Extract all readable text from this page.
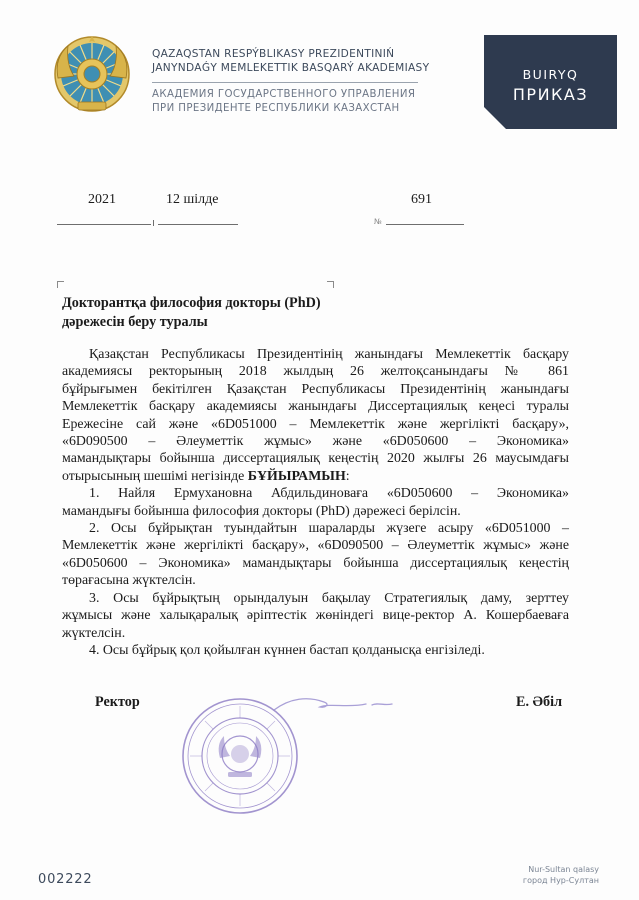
QAZAQSTAN RESPÝBLIKASY PREZIDENTINIŃ
JANYNDAǴY MEMLEKETTIK BASQARÝ AKADEMIASY
АКАДЕМИЯ ГОСУДАРСТВЕННОГО УПРАВЛЕНИЯ
ПРИ ПРЕЗИДЕНТЕ РЕСПУБЛИКИ КАЗАХСТАН
BUIRYQ
ПРИКАЗ
2021	12 шілде	691
№
Докторантқа философия докторы (PhD)
дәрежесін беру туралы

Қазақстан Республикасы Президентінің жанындағы Мемлекеттік басқару

академиясы ректорының 2018 жылдың 26 желтоқсанындағы № 861

бұйрығымен бекітілген Қазақстан Республикасы Президентінің жанындағы

Мемлекеттік басқару академиясы жанындағы Диссертациялық кеңесі туралы

Ережесіне сай және «6D051000 – Мемлекеттік және жергілікті басқару»,

«6D090500 – Әлеуметтік жұмыс» және «6D050600 – Экономика»

мамандықтары бойынша диссертациялық кеңестің 2020 жылғы 26 маусымдағы

отырысының шешімі негізінде БҰЙЫРАМЫН:

1. Найля Ермухановна Абдильдиноваға «6D050600 – Экономика»

мамандығы бойынша философия докторы (PhD) дәрежесі берілсін.

2. Осы бұйрықтан туындайтын шараларды жүзеге асыру «6D051000 –

Мемлекеттік және жергілікті басқару», «6D090500 – Әлеуметтік жұмыс» және

«6D050600 – Экономика» мамандықтары бойынша диссертациялық кеңестің

төрағасына жүктелсін.

3. Осы бұйрықтың орындалуын бақылау Стратегиялық даму, зерттеу

жұмысы және халықаралық әріптестік жөніндегі вице-ректор А. Кошербаеваға

жүктелсін.

4. Осы бұйрық қол қойылған күннен бастап қолданысқа енгізіледі.

Ректор	Е. Әбіл
002222
Nur-Sultan qalasy
город Нур-Султан
